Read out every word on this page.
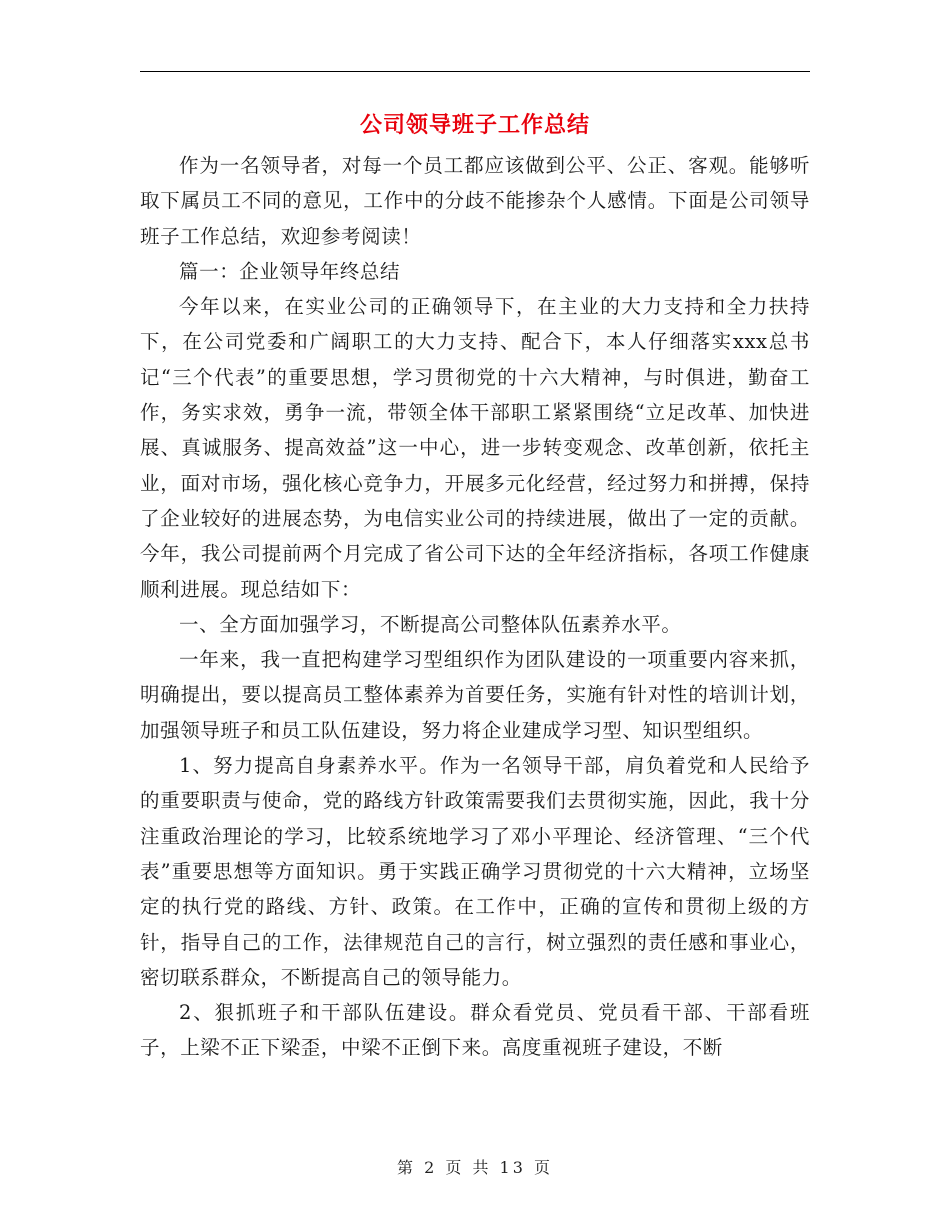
公司领导班子工作总结

作为一名领导者，对每一个员工都应该做到公平、公正、客观。能够听取下属员工不同的意见，工作中的分歧不能掺杂个人感情。下面是公司领导班子工作总结，欢迎参考阅读！

篇一：企业领导年终总结

今年以来，在实业公司的正确领导下，在主业的大力支持和全力扶持下，在公司党委和广阔职工的大力支持、配合下，本人仔细落实xxx总书记“三个代表”的重要思想，学习贯彻党的十六大精神，与时俱进，勤奋工作，务实求效，勇争一流，带领全体干部职工紧紧围绕“立足改革、加快进展、真诚服务、提高效益”这一中心，进一步转变观念、改革创新，依托主业，面对市场，强化核心竞争力，开展多元化经营，经过努力和拼搏，保持了企业较好的进展态势，为电信实业公司的持续进展，做出了一定的贡献。今年，我公司提前两个月完成了省公司下达的全年经济指标，各项工作健康顺利进展。现总结如下：

一、全方面加强学习，不断提高公司整体队伍素养水平。

一年来，我一直把构建学习型组织作为团队建设的一项重要内容来抓，明确提出，要以提高员工整体素养为首要任务，实施有针对性的培训计划，加强领导班子和员工队伍建设，努力将企业建成学习型、知识型组织。

1、努力提高自身素养水平。作为一名领导干部，肩负着党和人民给予的重要职责与使命，党的路线方针政策需要我们去贯彻实施，因此，我十分注重政治理论的学习，比较系统地学习了邓小平理论、经济管理、“三个代表”重要思想等方面知识。勇于实践正确学习贯彻党的十六大精神，立场坚定的执行党的路线、方针、政策。在工作中，正确的宣传和贯彻上级的方针，指导自己的工作，法律规范自己的言行，树立强烈的责任感和事业心，密切联系群众，不断提高自己的领导能力。

2、狠抓班子和干部队伍建设。群众看党员、党员看干部、干部看班子，上梁不正下梁歪，中梁不正倒下来。高度重视班子建设，不断

第 2 页 共 13 页
